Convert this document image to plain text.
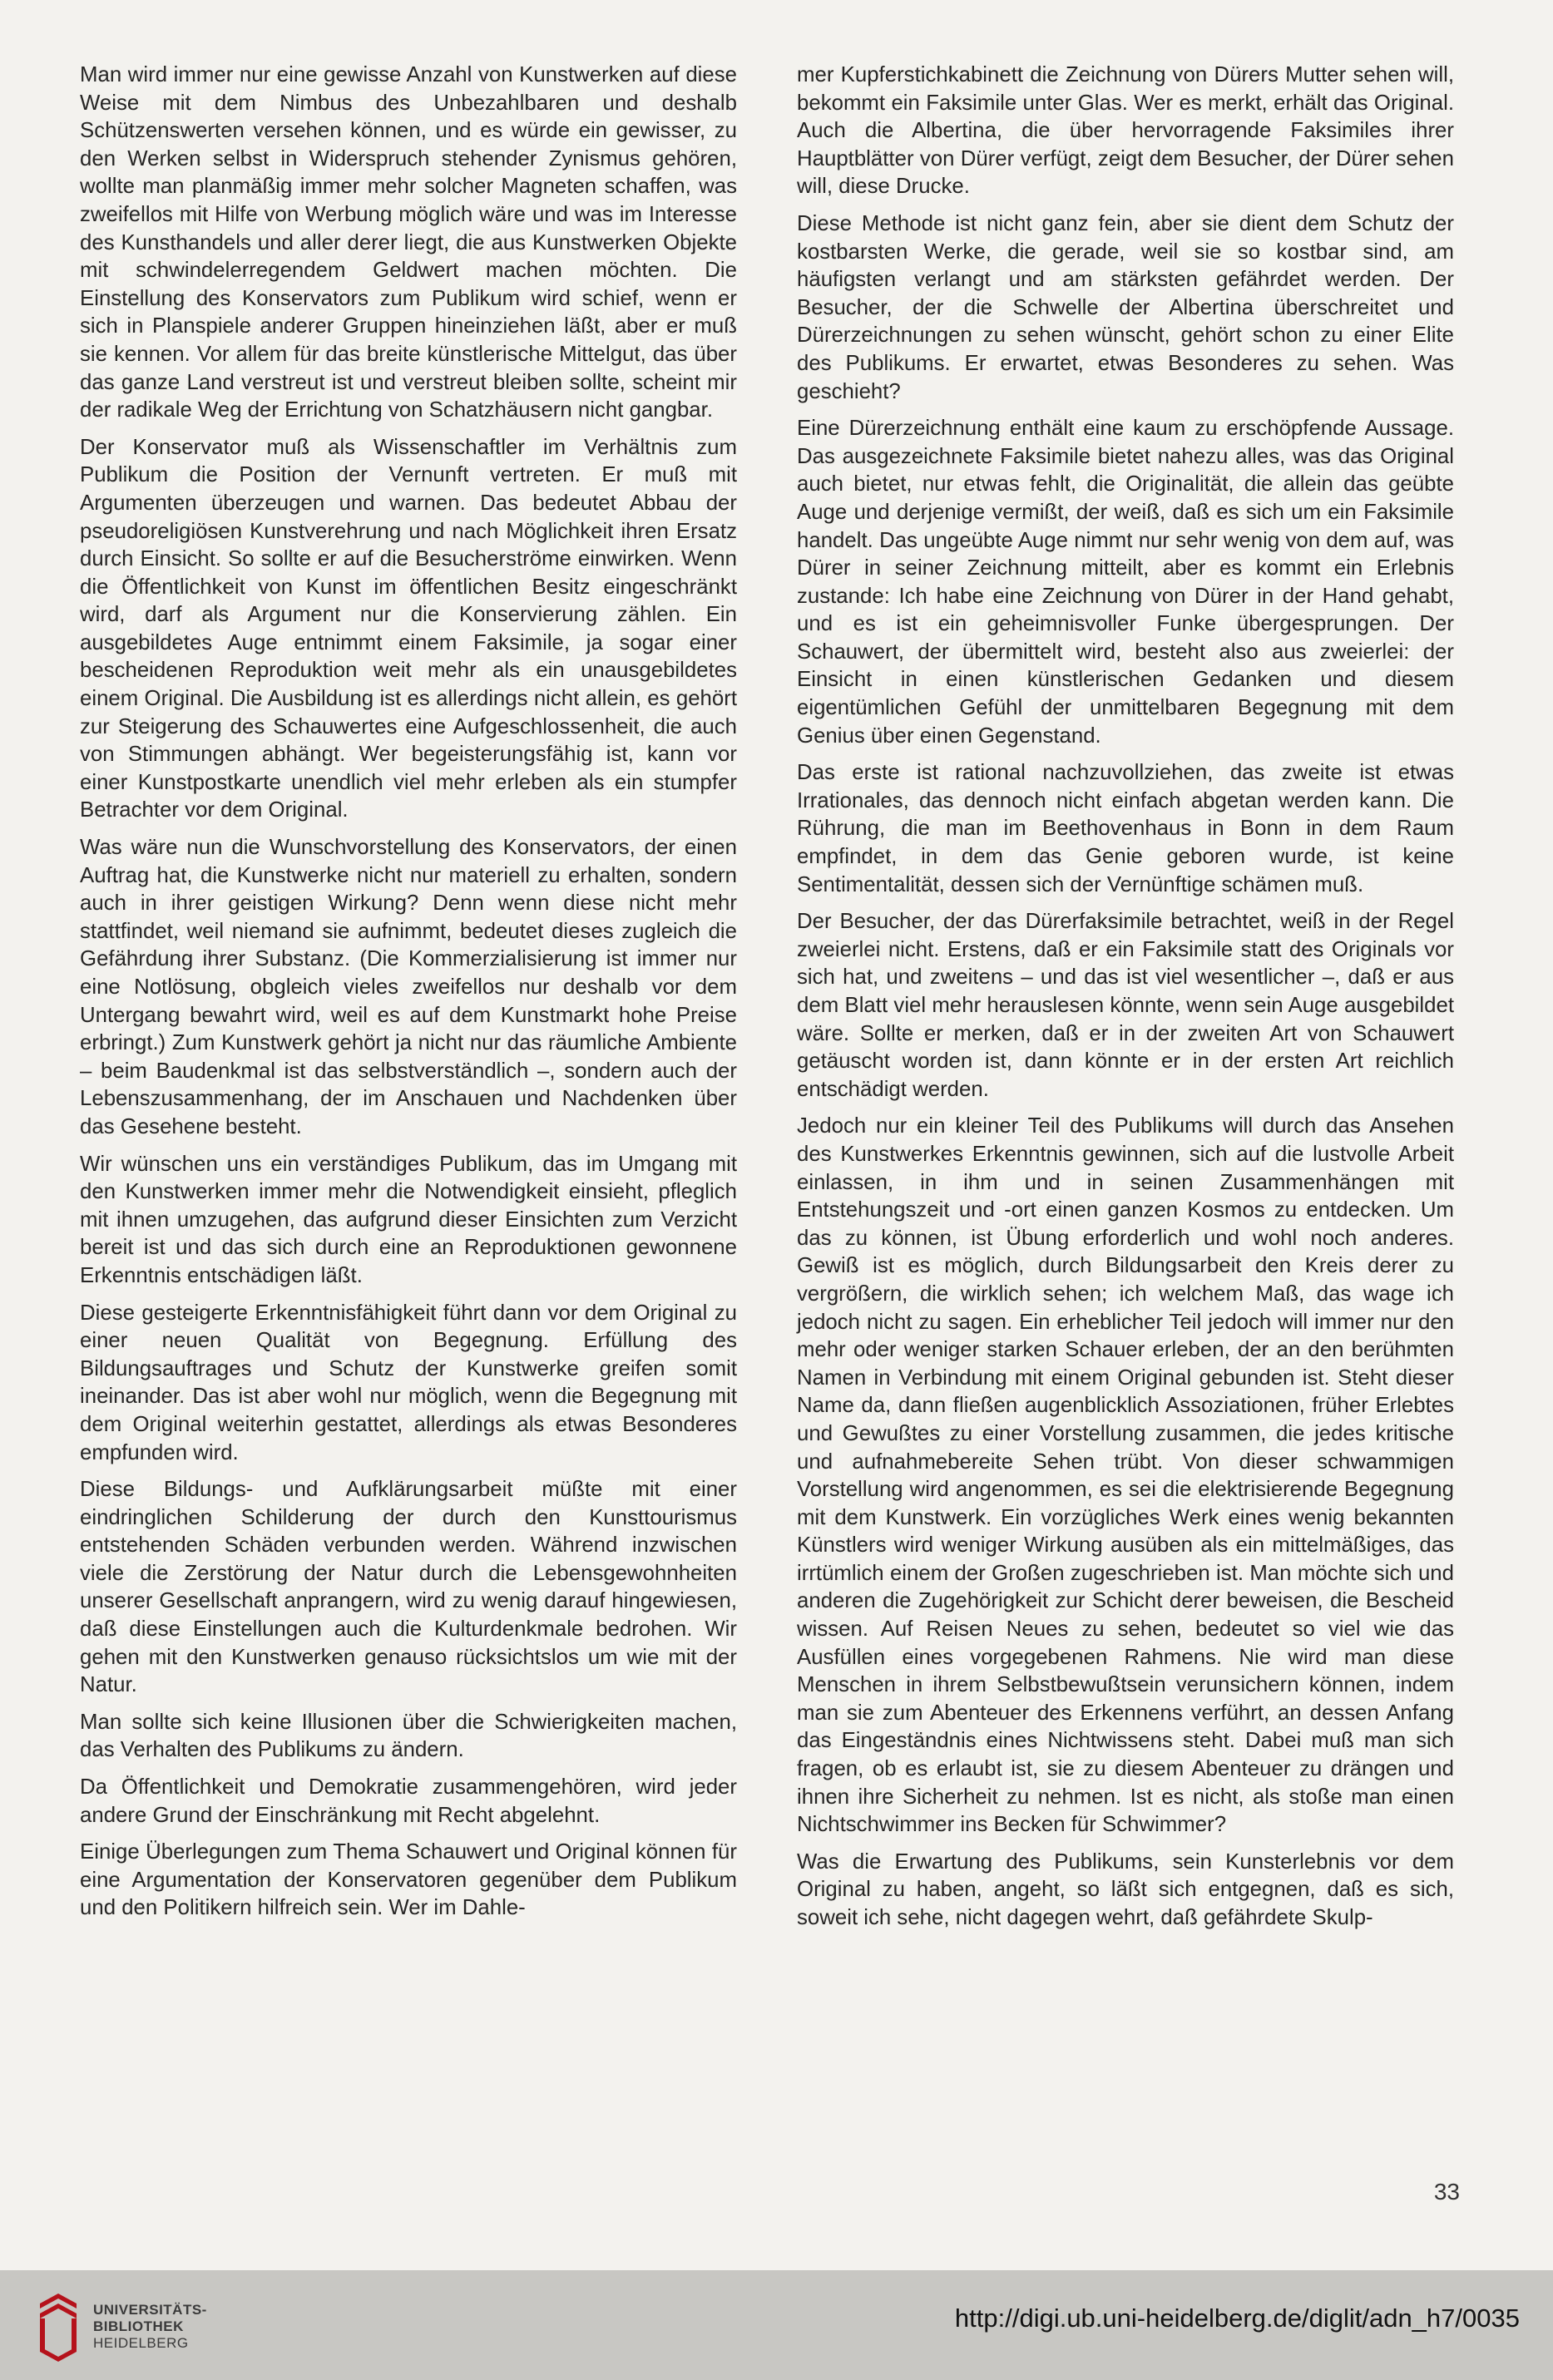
Man wird immer nur eine gewisse Anzahl von Kunstwerken auf diese Weise mit dem Nimbus des Unbezahlbaren und deshalb Schützenswerten versehen können, und es würde ein gewisser, zu den Werken selbst in Widerspruch stehender Zynismus gehören, wollte man planmäßig immer mehr solcher Magneten schaffen, was zweifellos mit Hilfe von Werbung möglich wäre und was im Interesse des Kunsthandels und aller derer liegt, die aus Kunstwerken Objekte mit schwindelerregendem Geldwert machen möchten. Die Einstellung des Konservators zum Publikum wird schief, wenn er sich in Planspiele anderer Gruppen hineinziehen läßt, aber er muß sie kennen. Vor allem für das breite künstlerische Mittelgut, das über das ganze Land verstreut ist und verstreut bleiben sollte, scheint mir der radikale Weg der Errichtung von Schatzhäusern nicht gangbar.

Der Konservator muß als Wissenschaftler im Verhältnis zum Publikum die Position der Vernunft vertreten. Er muß mit Argumenten überzeugen und warnen. Das bedeutet Abbau der pseudoreligiösen Kunstverehrung und nach Möglichkeit ihren Ersatz durch Einsicht. So sollte er auf die Besucherströme einwirken. Wenn die Öffentlichkeit von Kunst im öffentlichen Besitz eingeschränkt wird, darf als Argument nur die Konservierung zählen. Ein ausgebildetes Auge entnimmt einem Faksimile, ja sogar einer bescheidenen Reproduktion weit mehr als ein unausgebildetes einem Original. Die Ausbildung ist es allerdings nicht allein, es gehört zur Steigerung des Schauwertes eine Aufgeschlossenheit, die auch von Stimmungen abhängt. Wer begeisterungsfähig ist, kann vor einer Kunstpostkarte unendlich viel mehr erleben als ein stumpfer Betrachter vor dem Original.

Was wäre nun die Wunschvorstellung des Konservators, der einen Auftrag hat, die Kunstwerke nicht nur materiell zu erhalten, sondern auch in ihrer geistigen Wirkung? Denn wenn diese nicht mehr stattfindet, weil niemand sie aufnimmt, bedeutet dieses zugleich die Gefährdung ihrer Substanz. (Die Kommerzialisierung ist immer nur eine Notlösung, obgleich vieles zweifellos nur deshalb vor dem Untergang bewahrt wird, weil es auf dem Kunstmarkt hohe Preise erbringt.) Zum Kunstwerk gehört ja nicht nur das räumliche Ambiente – beim Baudenkmal ist das selbstverständlich –, sondern auch der Lebenszusammenhang, der im Anschauen und Nachdenken über das Gesehene besteht.

Wir wünschen uns ein verständiges Publikum, das im Umgang mit den Kunstwerken immer mehr die Notwendigkeit einsieht, pfleglich mit ihnen umzugehen, das aufgrund dieser Einsichten zum Verzicht bereit ist und das sich durch eine an Reproduktionen gewonnene Erkenntnis entschädigen läßt.

Diese gesteigerte Erkenntnisfähigkeit führt dann vor dem Original zu einer neuen Qualität von Begegnung. Erfüllung des Bildungsauftrages und Schutz der Kunstwerke greifen somit ineinander. Das ist aber wohl nur möglich, wenn die Begegnung mit dem Original weiterhin gestattet, allerdings als etwas Besonderes empfunden wird.

Diese Bildungs- und Aufklärungsarbeit müßte mit einer eindringlichen Schilderung der durch den Kunsttourismus entstehenden Schäden verbunden werden. Während inzwischen viele die Zerstörung der Natur durch die Lebensgewohnheiten unserer Gesellschaft anprangern, wird zu wenig darauf hingewiesen, daß diese Einstellungen auch die Kulturdenkmale bedrohen. Wir gehen mit den Kunstwerken genauso rücksichtslos um wie mit der Natur.

Man sollte sich keine Illusionen über die Schwierigkeiten machen, das Verhalten des Publikums zu ändern.

Da Öffentlichkeit und Demokratie zusammengehören, wird jeder andere Grund der Einschränkung mit Recht abgelehnt.

Einige Überlegungen zum Thema Schauwert und Original können für eine Argumentation der Konservatoren gegenüber dem Publikum und den Politikern hilfreich sein. Wer im Dahle-

mer Kupferstichkabinett die Zeichnung von Dürers Mutter sehen will, bekommt ein Faksimile unter Glas. Wer es merkt, erhält das Original. Auch die Albertina, die über hervorragende Faksimiles ihrer Hauptblätter von Dürer verfügt, zeigt dem Besucher, der Dürer sehen will, diese Drucke.

Diese Methode ist nicht ganz fein, aber sie dient dem Schutz der kostbarsten Werke, die gerade, weil sie so kostbar sind, am häufigsten verlangt und am stärksten gefährdet werden. Der Besucher, der die Schwelle der Albertina überschreitet und Dürerzeichnungen zu sehen wünscht, gehört schon zu einer Elite des Publikums. Er erwartet, etwas Besonderes zu sehen. Was geschieht?

Eine Dürerzeichnung enthält eine kaum zu erschöpfende Aussage. Das ausgezeichnete Faksimile bietet nahezu alles, was das Original auch bietet, nur etwas fehlt, die Originalität, die allein das geübte Auge und derjenige vermißt, der weiß, daß es sich um ein Faksimile handelt. Das ungeübte Auge nimmt nur sehr wenig von dem auf, was Dürer in seiner Zeichnung mitteilt, aber es kommt ein Erlebnis zustande: Ich habe eine Zeichnung von Dürer in der Hand gehabt, und es ist ein geheimnisvoller Funke übergesprungen. Der Schauwert, der übermittelt wird, besteht also aus zweierlei: der Einsicht in einen künstlerischen Gedanken und diesem eigentümlichen Gefühl der unmittelbaren Begegnung mit dem Genius über einen Gegenstand.

Das erste ist rational nachzuvollziehen, das zweite ist etwas Irrationales, das dennoch nicht einfach abgetan werden kann. Die Rührung, die man im Beethovenhaus in Bonn in dem Raum empfindet, in dem das Genie geboren wurde, ist keine Sentimentalität, dessen sich der Vernünftige schämen muß.

Der Besucher, der das Dürerfaksimile betrachtet, weiß in der Regel zweierlei nicht. Erstens, daß er ein Faksimile statt des Originals vor sich hat, und zweitens – und das ist viel wesentlicher –, daß er aus dem Blatt viel mehr herauslesen könnte, wenn sein Auge ausgebildet wäre. Sollte er merken, daß er in der zweiten Art von Schauwert getäuscht worden ist, dann könnte er in der ersten Art reichlich entschädigt werden.

Jedoch nur ein kleiner Teil des Publikums will durch das Ansehen des Kunstwerkes Erkenntnis gewinnen, sich auf die lustvolle Arbeit einlassen, in ihm und in seinen Zusammenhängen mit Entstehungszeit und -ort einen ganzen Kosmos zu entdecken. Um das zu können, ist Übung erforderlich und wohl noch anderes. Gewiß ist es möglich, durch Bildungsarbeit den Kreis derer zu vergrößern, die wirklich sehen; ich welchem Maß, das wage ich jedoch nicht zu sagen. Ein erheblicher Teil jedoch will immer nur den mehr oder weniger starken Schauer erleben, der an den berühmten Namen in Verbindung mit einem Original gebunden ist. Steht dieser Name da, dann fließen augenblicklich Assoziationen, früher Erlebtes und Gewußtes zu einer Vorstellung zusammen, die jedes kritische und aufnahmebereite Sehen trübt. Von dieser schwammigen Vorstellung wird angenommen, es sei die elektrisierende Begegnung mit dem Kunstwerk. Ein vorzügliches Werk eines wenig bekannten Künstlers wird weniger Wirkung ausüben als ein mittelmäßiges, das irrtümlich einem der Großen zugeschrieben ist. Man möchte sich und anderen die Zugehörigkeit zur Schicht derer beweisen, die Bescheid wissen. Auf Reisen Neues zu sehen, bedeutet so viel wie das Ausfüllen eines vorgegebenen Rahmens. Nie wird man diese Menschen in ihrem Selbstbewußtsein verunsichern können, indem man sie zum Abenteuer des Erkennens verführt, an dessen Anfang das Eingeständnis eines Nichtwissens steht. Dabei muß man sich fragen, ob es erlaubt ist, sie zu diesem Abenteuer zu drängen und ihnen ihre Sicherheit zu nehmen. Ist es nicht, als stoße man einen Nichtschwimmer ins Becken für Schwimmer?

Was die Erwartung des Publikums, sein Kunsterlebnis vor dem Original zu haben, angeht, so läßt sich entgegnen, daß es sich, soweit ich sehe, nicht dagegen wehrt, daß gefährdete Skulp-

33
UNIVERSITÄTS-
BIBLIOTHEK
HEIDELBERG
http://digi.ub.uni-heidelberg.de/diglit/adn_h7/0035
